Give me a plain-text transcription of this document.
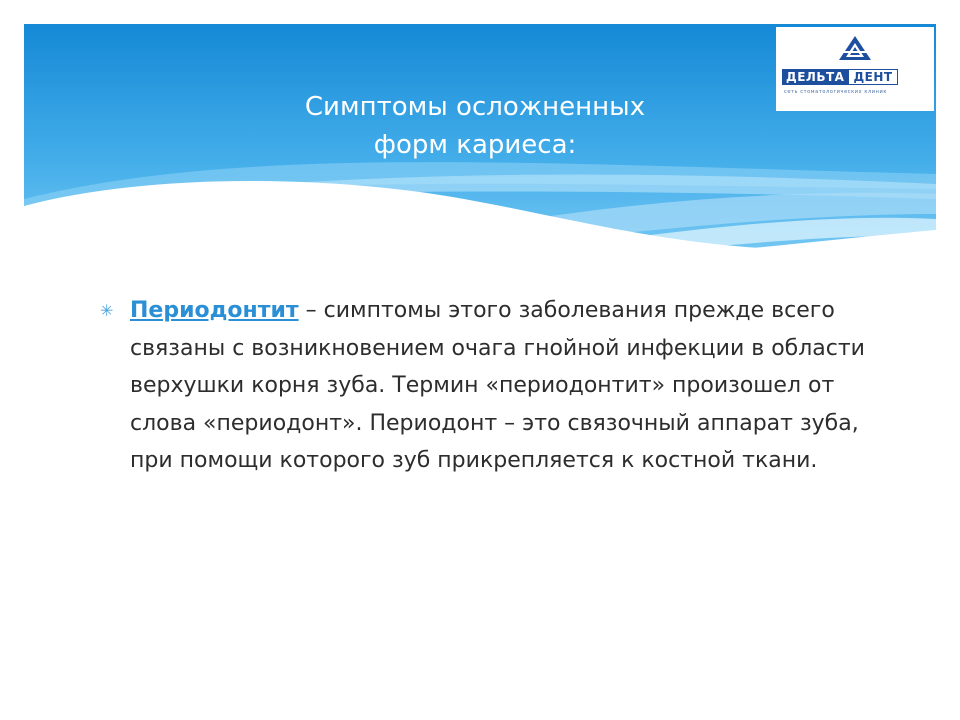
Симптомы осложненных
форм кариеса:
ДЕЛЬТА ДЕНТ
сеть стоматологических клиник
✳ Периодонтит – симптомы этого заболевания прежде всего связаны с возникновением очага гнойной инфекции в области верхушки корня зуба. Термин «периодонтит» произошел от слова «периодонт». Периодонт – это связочный аппарат зуба, при помощи которого зуб прикрепляется к костной ткани.
